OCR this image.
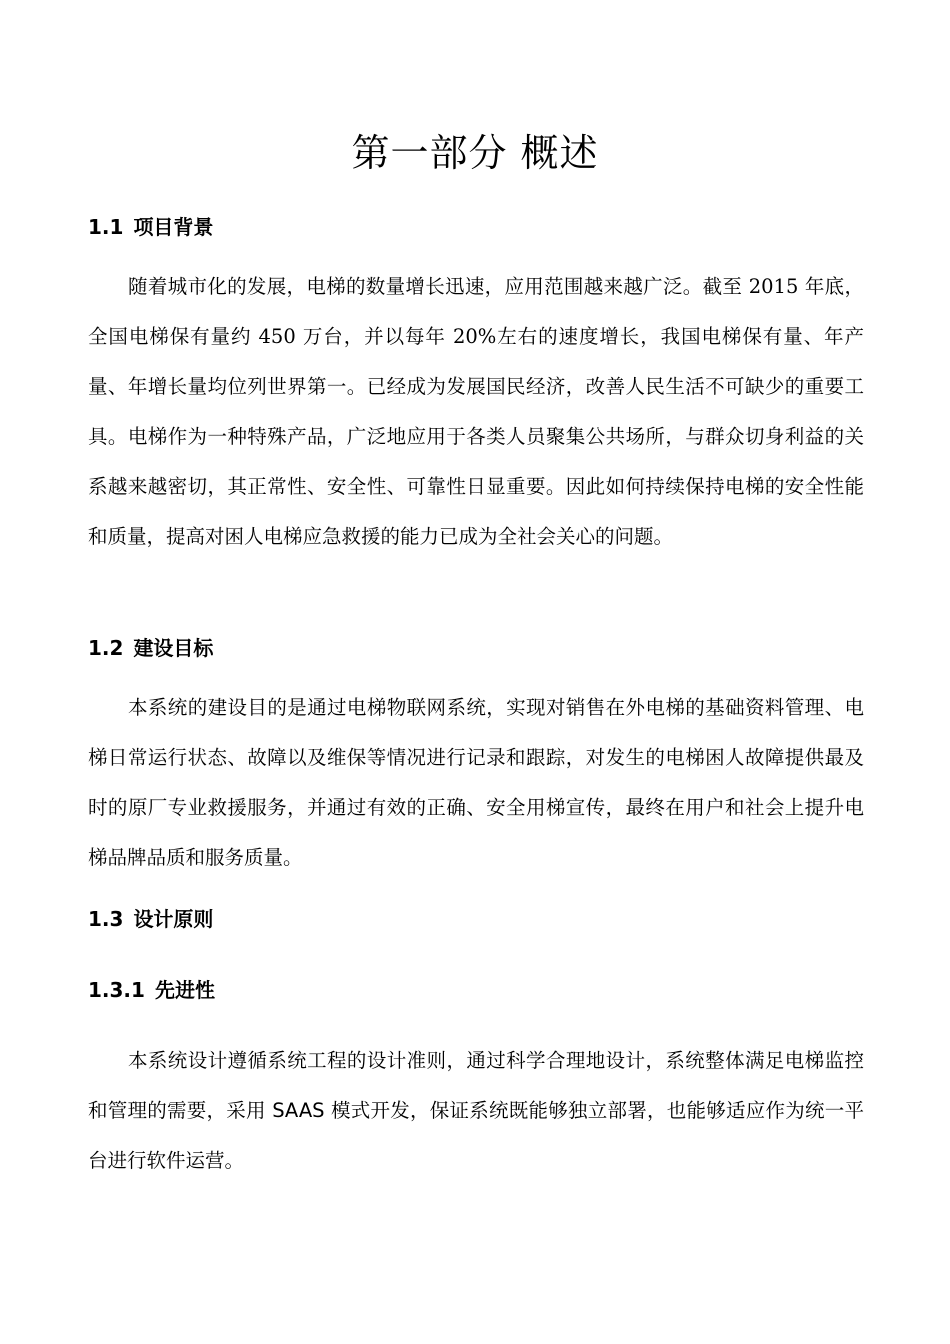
第一部分 概述
1.1 项目背景

随着城市化的发展，电梯的数量增长迅速，应用范围越来越广泛。截至 2015 年底，全国电梯保有量约 450 万台，并以每年 20%左右的速度增长，我国电梯保有量、年产量、年增长量均位列世界第一。已经成为发展国民经济，改善人民生活不可缺少的重要工具。电梯作为一种特殊产品，广泛地应用于各类人员聚集公共场所，与群众切身利益的关系越来越密切，其正常性、安全性、可靠性日显重要。因此如何持续保持电梯的安全性能和质量，提高对困人电梯应急救援的能力已成为全社会关心的问题。

1.2 建设目标

本系统的建设目的是通过电梯物联网系统，实现对销售在外电梯的基础资料管理、电梯日常运行状态、故障以及维保等情况进行记录和跟踪，对发生的电梯困人故障提供最及时的原厂专业救援服务，并通过有效的正确、安全用梯宣传，最终在用户和社会上提升电梯品牌品质和服务质量。

1.3 设计原则
1.3.1 先进性

本系统设计遵循系统工程的设计准则，通过科学合理地设计，系统整体满足电梯监控和管理的需要，采用 SAAS 模式开发，保证系统既能够独立部署，也能够适应作为统一平台进行软件运营。
